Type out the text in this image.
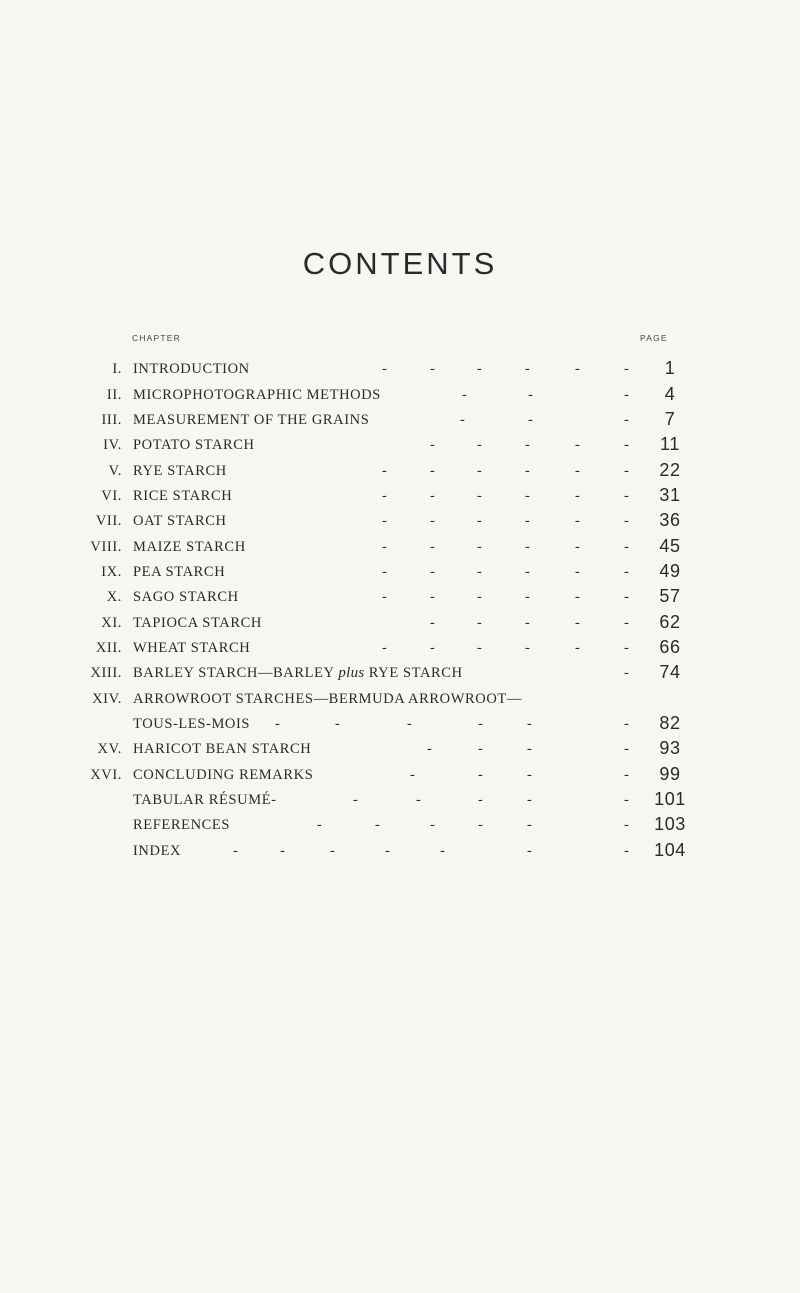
CONTENTS
CHAPTER	PAGE
I. INTRODUCTION	-	-	-	-	-	-	1
II. MICROPHOTOGRAPHIC METHODS	-	-	-	4
III. MEASUREMENT OF THE GRAINS	-	-	-	7
IV. POTATO STARCH	-	-	-	-	-	11
V. RYE STARCH	-	-	-	-	-	-	22
VI. RICE STARCH	-	-	-	-	-	-	31
VII. OAT STARCH	-	-	-	-	-	-	36
VIII. MAIZE STARCH	-	-	-	-	-	-	45
IX. PEA STARCH	-	-	-	-	-	-	49
X. SAGO STARCH	-	-	-	-	-	-	57
XI. TAPIOCA STARCH	-	-	-	-	-	62
XII. WHEAT STARCH	-	-	-	-	-	-	66
XIII. BARLEY STARCH—BARLEY plus RYE STARCH	-	74
XIV. ARROWROOT STARCHES—BERMUDA ARROWROOT—
TOUS-LES-MOIS -	-	-	-	-	-	82
XV. HARICOT BEAN STARCH	-	-	-	-	93
XVI. CONCLUDING REMARKS	-	-	-	-	99
TABULAR RÉSUMÉ-	-	-	-	-	- 101
REFERENCES	-	-	-	-	-	- 103
INDEX	-	-	-	-	-	-	- 104
